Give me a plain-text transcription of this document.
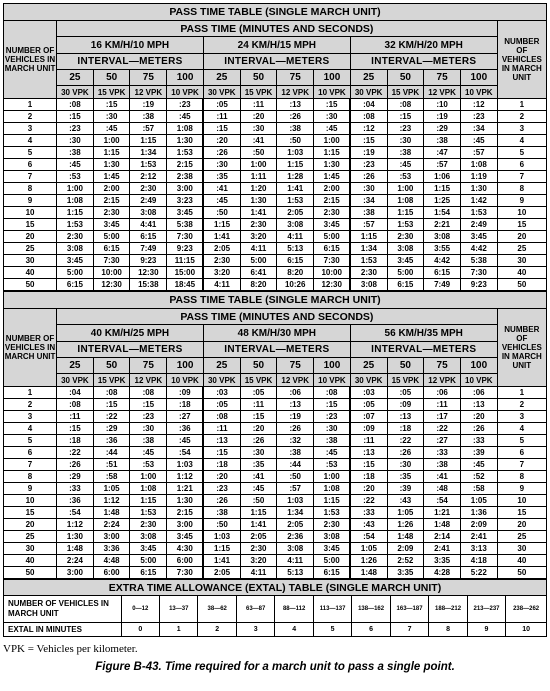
PASS TIME TABLE (SINGLE MARCH UNIT)													
NUMBER OF VEHICLES IN MARCH UNIT	PASS TIME (MINUTES AND SECONDS)												NUMBER OF VEHICLES IN MARCH UNIT
	16 KM/H/10 MPH				24 KM/H/15 MPH				32 KM/H/20 MPH				
	INTERVAL—METERS				INTERVAL—METERS				INTERVAL—METERS				
	25	50	75	100	25	50	75	100	25	50	75	100	
	30 VPK	15 VPK	12 VPK	10 VPK	30 VPK	15 VPK	12 VPK	10 VPK	30 VPK	15 VPK	12 VPK	10 VPK	
1	:08	:15	:19	:23	:05	:11	:13	:15	:04	:08	:10	:12	1
2	:15	:30	:38	:45	:11	:20	:26	:30	:08	:15	:19	:23	2
3	:23	:45	:57	1:08	:15	:30	:38	:45	:12	:23	:29	:34	3
4	:30	1:00	1:15	1:30	:20	:41	:50	1:00	:15	:30	:38	:45	4
5	:38	1:15	1:34	1:53	:26	:50	1:03	1:15	:19	:38	:47	:57	5
6	:45	1:30	1:53	2:15	:30	1:00	1:15	1:30	:23	:45	:57	1:08	6
7	:53	1:45	2:12	2:38	:35	1:11	1:28	1:45	:26	:53	1:06	1:19	7
8	1:00	2:00	2:30	3:00	:41	1:20	1:41	2:00	:30	1:00	1:15	1:30	8
9	1:08	2:15	2:49	3:23	:45	1:30	1:53	2:15	:34	1:08	1:25	1:42	9
10	1:15	2:30	3:08	3:45	:50	1:41	2:05	2:30	:38	1:15	1:54	1:53	10
15	1:53	3:45	4:41	5:38	1:15	2:30	3:08	3:45	:57	1:53	2:21	2:49	15
20	2:30	5:00	6:15	7:30	1:41	3:20	4:11	5:00	1:15	2:30	3:08	3:45	20
25	3:08	6:15	7:49	9:23	2:05	4:11	5:13	6:15	1:34	3:08	3:55	4:42	25
30	3:45	7:30	9:23	11:15	2:30	5:00	6:15	7:30	1:53	3:45	4:42	5:38	30
40	5:00	10:00	12:30	15:00	3:20	6:41	8:20	10:00	2:30	5:00	6:15	7:30	40
50	6:15	12:30	15:38	18:45	4:11	8:20	10:26	12:30	3:08	6:15	7:49	9:23	50
PASS TIME TABLE (SINGLE MARCH UNIT)													
NUMBER OF VEHICLES IN MARCH UNIT	PASS TIME (MINUTES AND SECONDS)												NUMBER OF VEHICLES IN MARCH UNIT
	40 KM/H/25 MPH				48 KM/H/30 MPH				56 KM/H/35 MPH				
	INTERVAL—METERS				INTERVAL—METERS				INTERVAL—METERS				
	25	50	75	100	25	50	75	100	25	50	75	100	
	30 VPK	15 VPK	12 VPK	10 VPK	30 VPK	15 VPK	12 VPK	10 VPK	30 VPK	15 VPK	12 VPK	10 VPK	
1	:04	:08	:08	:09	:03	:05	:06	:08	:03	:05	:06	:06	1
2	:08	:15	:15	:18	:05	:11	:13	:15	:05	:09	:11	:13	2
3	:11	:22	:23	:27	:08	:15	:19	:23	:07	:13	:17	:20	3
4	:15	:29	:30	:36	:11	:20	:26	:30	:09	:18	:22	:26	4
5	:18	:36	:38	:45	:13	:26	:32	:38	:11	:22	:27	:33	5
6	:22	:44	:45	:54	:15	:30	:38	:45	:13	:26	:33	:39	6
7	:26	:51	:53	1:03	:18	:35	:44	:53	:15	:30	:38	:45	7
8	:29	:58	1:00	1:12	:20	:41	:50	1:00	:18	:35	:41	:52	8
9	:33	1:05	1:08	1:21	:23	:45	:57	1:08	:20	:39	:48	:58	9
10	:36	1:12	1:15	1:30	:26	:50	1:03	1:15	:22	:43	:54	1:05	10
15	:54	1:48	1:53	2:15	:38	1:15	1:34	1:53	:33	1:05	1:21	1:36	15
20	1:12	2:24	2:30	3:00	:50	1:41	2:05	2:30	:43	1:26	1:48	2:09	20
25	1:30	3:00	3:08	3:45	1:03	2:05	2:36	3:08	:54	1:48	2:14	2:41	25
30	1:48	3:36	3:45	4:30	1:15	2:30	3:08	3:45	1:05	2:09	2:41	3:13	30
40	2:24	4:48	5:00	6:00	1:41	3:20	4:11	5:00	1:26	2:52	3:35	4:18	40
50	3:00	6:00	6:15	7:30	2:05	4:11	5:13	6:15	1:48	3:35	4:28	5:22	50
EXTRA TIME ALLOWANCE (EXTAL) TABLE (SINGLE MARCH UNIT)											
NUMBER OF VEHICLES IN MARCH UNIT	0—12	13—37	38—62	63—87	88—112	113—137	138—162	163—187	188—212	213—237	238—262
EXTAL IN MINUTES	0	1	2	3	4	5	6	7	8	9	10
VPK = Vehicles per kilometer.
Figure B-43. Time required for a march unit to pass a single point.
